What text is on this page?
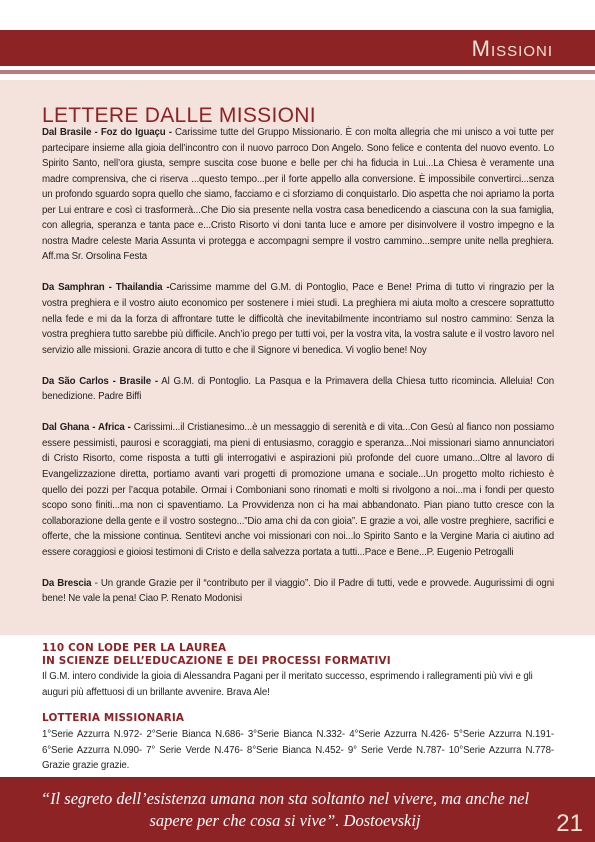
Missioni
LETTERE DALLE MISSIONI

Dal Brasile - Foz do Iguaçu - Carissime tutte del Gruppo Missionario. È con molta allegria che mi unisco a voi tutte per partecipare insieme alla gioia dell’incontro con il nuovo parroco Don Angelo. Sono felice e contenta del nuovo evento. Lo Spirito Santo, nell’ora giusta, sempre suscita cose buone e belle per chi ha fiducia in Lui...La Chiesa è veramente una madre comprensiva, che ci riserva ...questo tempo...per il forte appello alla conversione. È impossibile convertirci...senza un profondo sguardo sopra quello che siamo, facciamo e ci sforziamo di conquistarlo. Dio aspetta che noi apriamo la porta per Lui entrare e così ci trasformerà...Che Dio sia presente nella vostra casa benedicendo a ciascuna con la sua famiglia, con allegria, speranza e tanta pace e...Cristo Risorto vi doni tanta luce e amore per disinvolvere il vostro impegno e la nostra Madre celeste Maria Assunta vi protegga e accompagni sempre il vostro cammino...sempre unite nella preghiera. Aff.ma Sr. Orsolina Festa

Da Samphran - Thailandia -Carissime mamme del G.M. di Pontoglio, Pace e Bene! Prima di tutto vi ringrazio per la vostra preghiera e il vostro aiuto economico per sostenere i miei studi. La preghiera mi aiuta molto a crescere soprattutto nella fede e mi da la forza di affrontare tutte le difficoltà che inevitabilmente incontriamo sul nostro cammino: Senza la vostra preghiera tutto sarebbe più difficile. Anch’io prego per tutti voi, per la vostra vita, la vostra salute e il vostro lavoro nel servizio alle missioni. Grazie ancora di tutto e che il Signore vi benedica. Vi voglio bene! Noy

Da São Carlos - Brasile - Al G.M. di Pontoglio. La Pasqua e la Primavera della Chiesa tutto ricomincia. Alleluia! Con benedizione. Padre Biffi

Dal Ghana - Africa - Carissimi...il Cristianesimo...è un messaggio di serenità e di vita...Con Gesù al fianco non possiamo essere pessimisti, paurosi e scoraggiati, ma pieni di entusiasmo, coraggio e speranza...Noi missionari siamo annunciatori di Cristo Risorto, come risposta a tutti gli interrogativi e aspirazioni più profonde del cuore umano...Oltre al lavoro di Evangelizzazione diretta, portiamo avanti vari progetti di promozione umana e sociale...Un progetto molto richiesto è quello dei pozzi per l’acqua potabile. Ormai i Comboniani sono rinomati e molti si rivolgono a noi...ma i fondi per questo scopo sono finiti...ma non ci spaventiamo. La Provvidenza non ci ha mai abbandonato. Pian piano tutto cresce con la collaborazione della gente e il vostro sostegno...”Dio ama chi da con gioia”. E grazie a voi, alle vostre preghiere, sacrifici e offerte, che la missione continua. Sentitevi anche voi missionari con noi...lo Spirito Santo e la Vergine Maria ci aiutino ad essere coraggiosi e gioiosi testimoni di Cristo e della salvezza portata a tutti...Pace e Bene...P. Eugenio Petrogalli

Da Brescia - Un grande Grazie per il “contributo per il viaggio”. Dio il Padre di tutti, vede e provvede. Augurissimi di ogni bene! Ne vale la pena! Ciao P. Renato Modonisi

110 CON LODE PER LA LAUREA
IN SCIENZE DELL’EDUCAZIONE E DEI PROCESSI FORMATIVI

Il G.M. intero condivide la gioia di Alessandra Pagani per il meritato successo, esprimendo i rallegramenti più vivi e gli auguri più affettuosi di un brillante avvenire. Brava Ale!

LOTTERIA MISSIONARIA

1°Serie Azzurra N.972- 2°Serie Bianca N.686- 3°Serie Bianca N.332- 4°Serie Azzurra N.426- 5°Serie Azzurra N.191- 6°Serie Azzurra N.090- 7° Serie Verde N.476- 8°Serie Bianca N.452- 9° Serie Verde N.787- 10°Serie Azzurra N.778- Grazie grazie grazie.

“Il segreto dell’esistenza umana non sta soltanto nel vivere, ma anche nel sapere per che cosa si vive”. Dostoevskij	21
